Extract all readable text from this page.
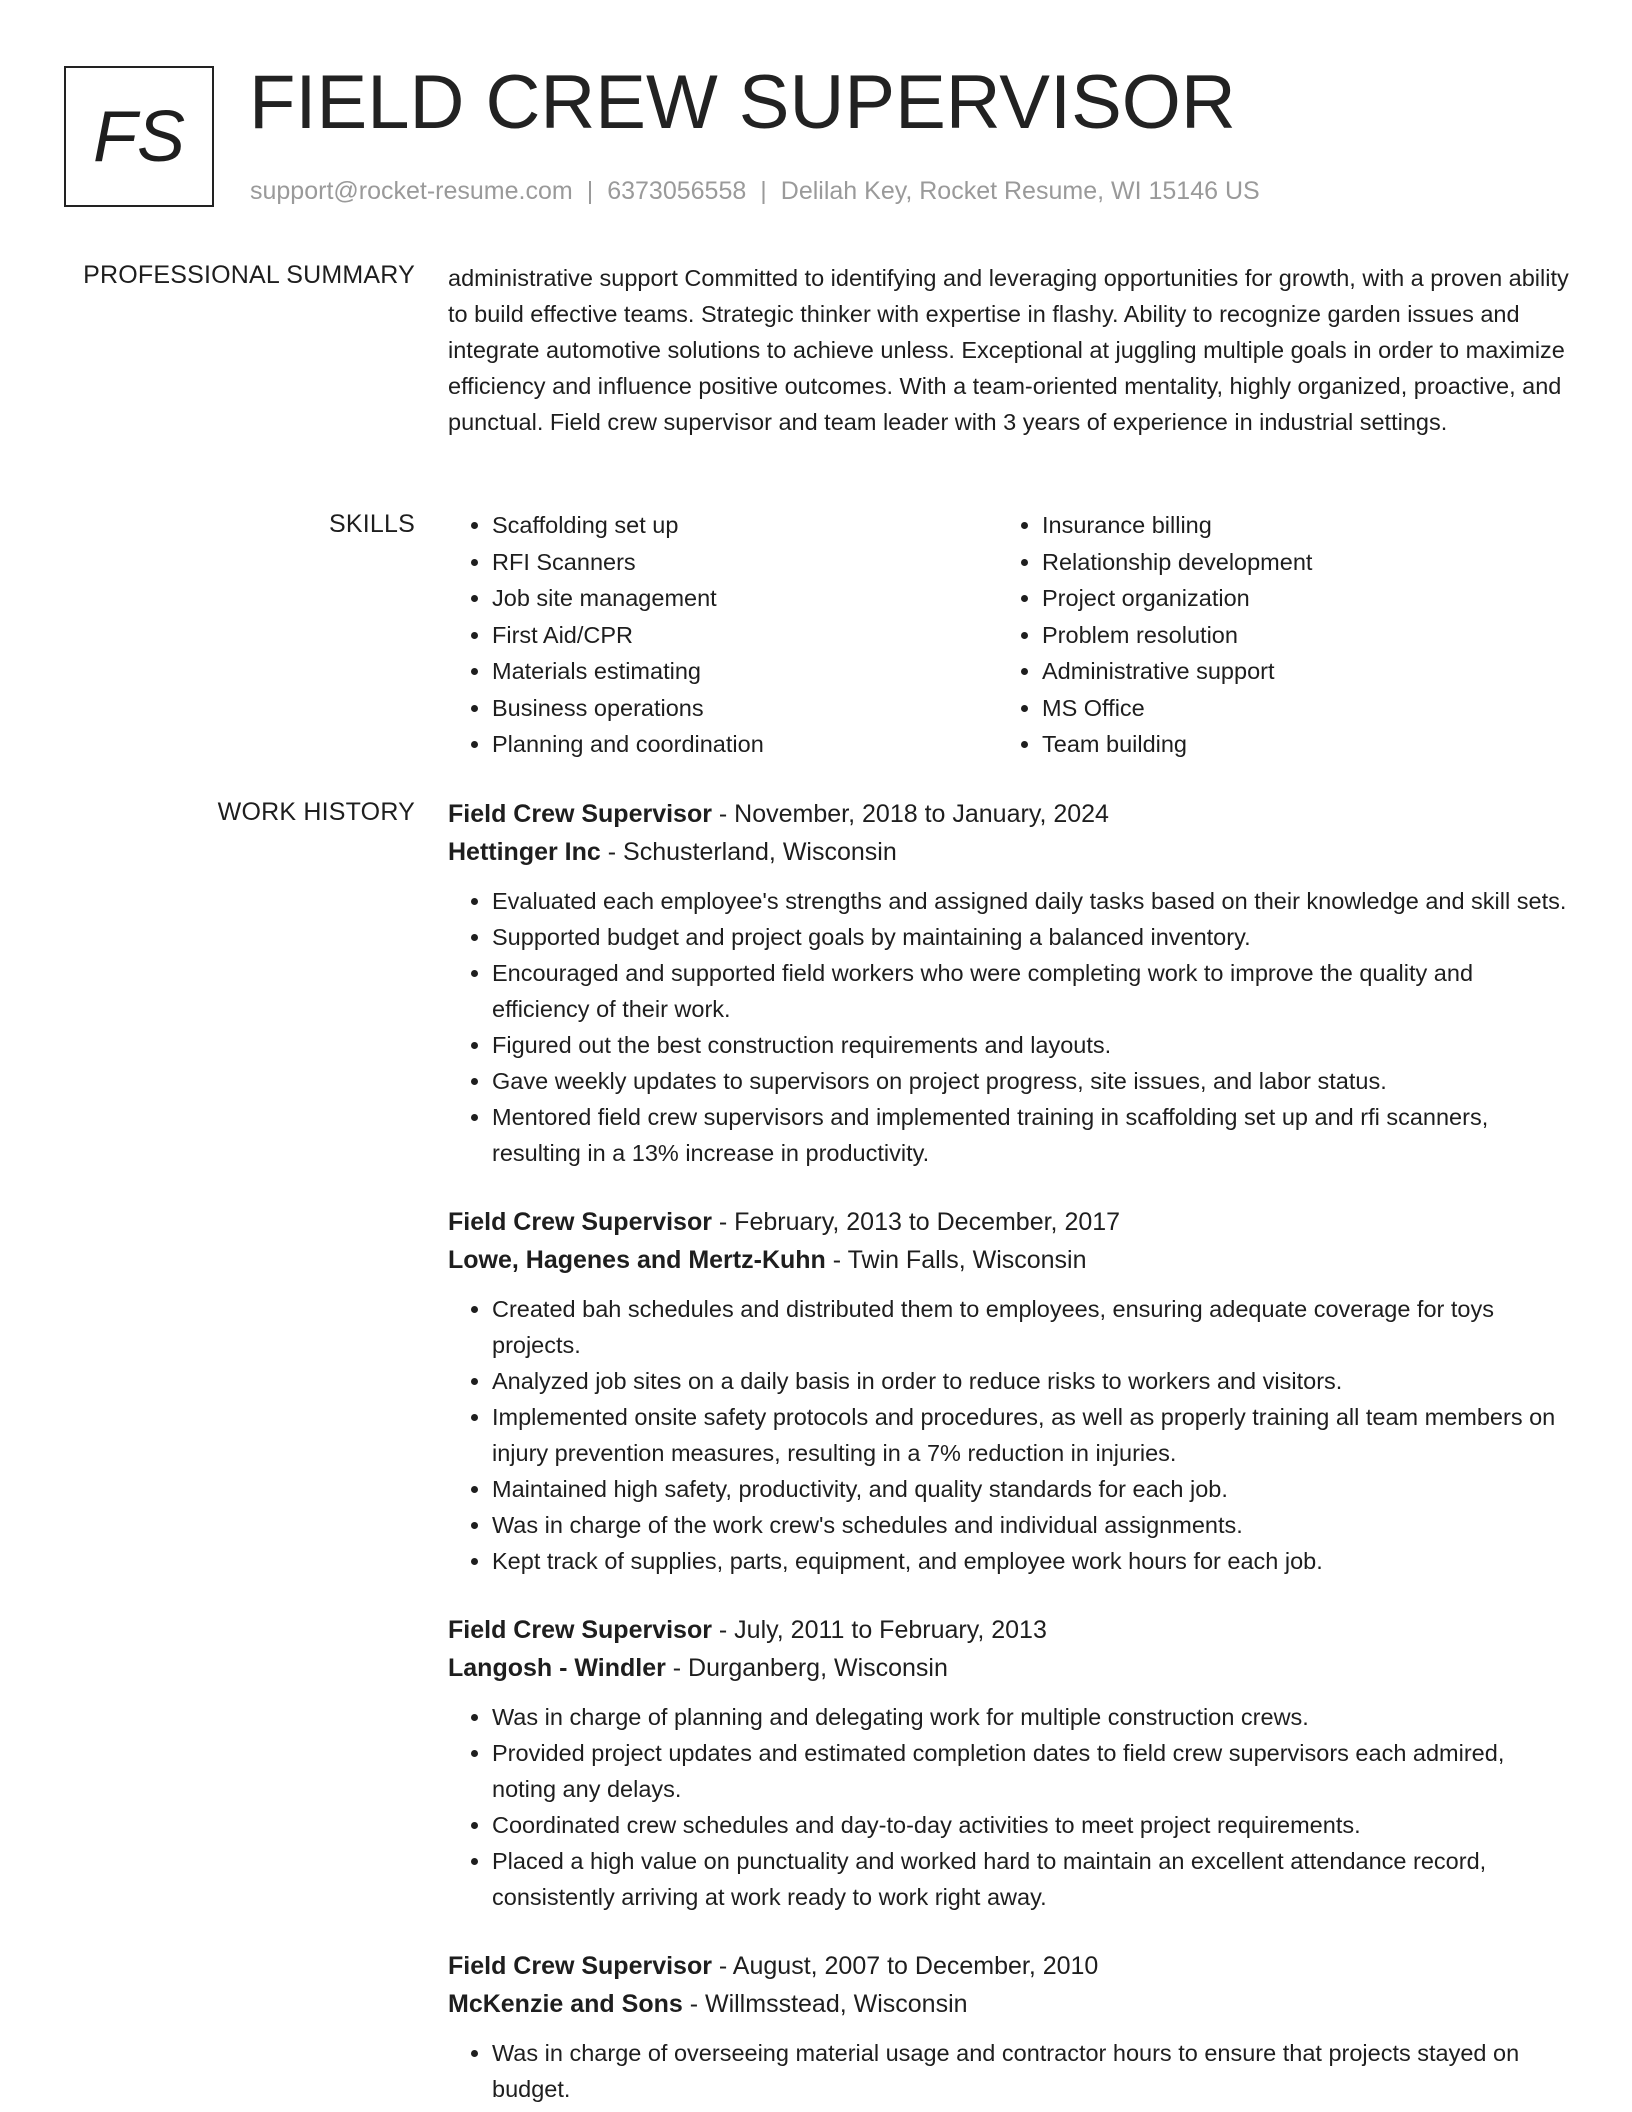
FS FIELD CREW SUPERVISOR
support@rocket-resume.com | 6373056558 | Delilah Key, Rocket Resume, WI 15146 US
PROFESSIONAL SUMMARY administrative support Committed to identifying and leveraging opportunities for growth, with a proven ability to build effective teams. Strategic thinker with expertise in flashy. Ability to recognize garden issues and integrate automotive solutions to achieve unless. Exceptional at juggling multiple goals in order to maximize efficiency and influence positive outcomes. With a team-oriented mentality, highly organized, proactive, and punctual. Field crew supervisor and team leader with 3 years of experience in industrial settings.
SKILLS
•	Scaffolding set up
• RFI Scanners
• Job site management
• First Aid/CPR
• Materials estimating
• Business operations
• Planning and coordination
• Insurance billing
• Relationship development
• Project organization
• Problem resolution
• Administrative support
• MS Office
• Team building
WORK HISTORY Field Crew Supervisor - November, 2018 to January, 2024
Hettinger Inc - Schusterland, Wisconsin
• Evaluated each employee's strengths and assigned daily tasks based on their knowledge and skill sets.
• Supported budget and project goals by maintaining a balanced inventory.
• Encouraged and supported field workers who were completing work to improve the quality and efficiency of their work.
• Figured out the best construction requirements and layouts.
• Gave weekly updates to supervisors on project progress, site issues, and labor status.
• Mentored field crew supervisors and implemented training in scaffolding set up and rfi scanners, resulting in a 13% increase in productivity.
Field Crew Supervisor - February, 2013 to December, 2017
Lowe, Hagenes and Mertz-Kuhn - Twin Falls, Wisconsin
• Created bah schedules and distributed them to employees, ensuring adequate coverage for toys projects.
• Analyzed job sites on a daily basis in order to reduce risks to workers and visitors.
• Implemented onsite safety protocols and procedures, as well as properly training all team members on injury prevention measures, resulting in a 7% reduction in injuries.
• Maintained high safety, productivity, and quality standards for each job.
• Was in charge of the work crew's schedules and individual assignments.
• Kept track of supplies, parts, equipment, and employee work hours for each job.
Field Crew Supervisor - July, 2011 to February, 2013
Langosh - Windler - Durganberg, Wisconsin
• Was in charge of planning and delegating work for multiple construction crews.
• Provided project updates and estimated completion dates to field crew supervisors each admired, noting any delays.
• Coordinated crew schedules and day-to-day activities to meet project requirements.
• Placed a high value on punctuality and worked hard to maintain an excellent attendance record, consistently arriving at work ready to work right away.
Field Crew Supervisor - August, 2007 to December, 2010
McKenzie and Sons - Willmsstead, Wisconsin
• Was in charge of overseeing material usage and contractor hours to ensure that projects stayed on budget.
